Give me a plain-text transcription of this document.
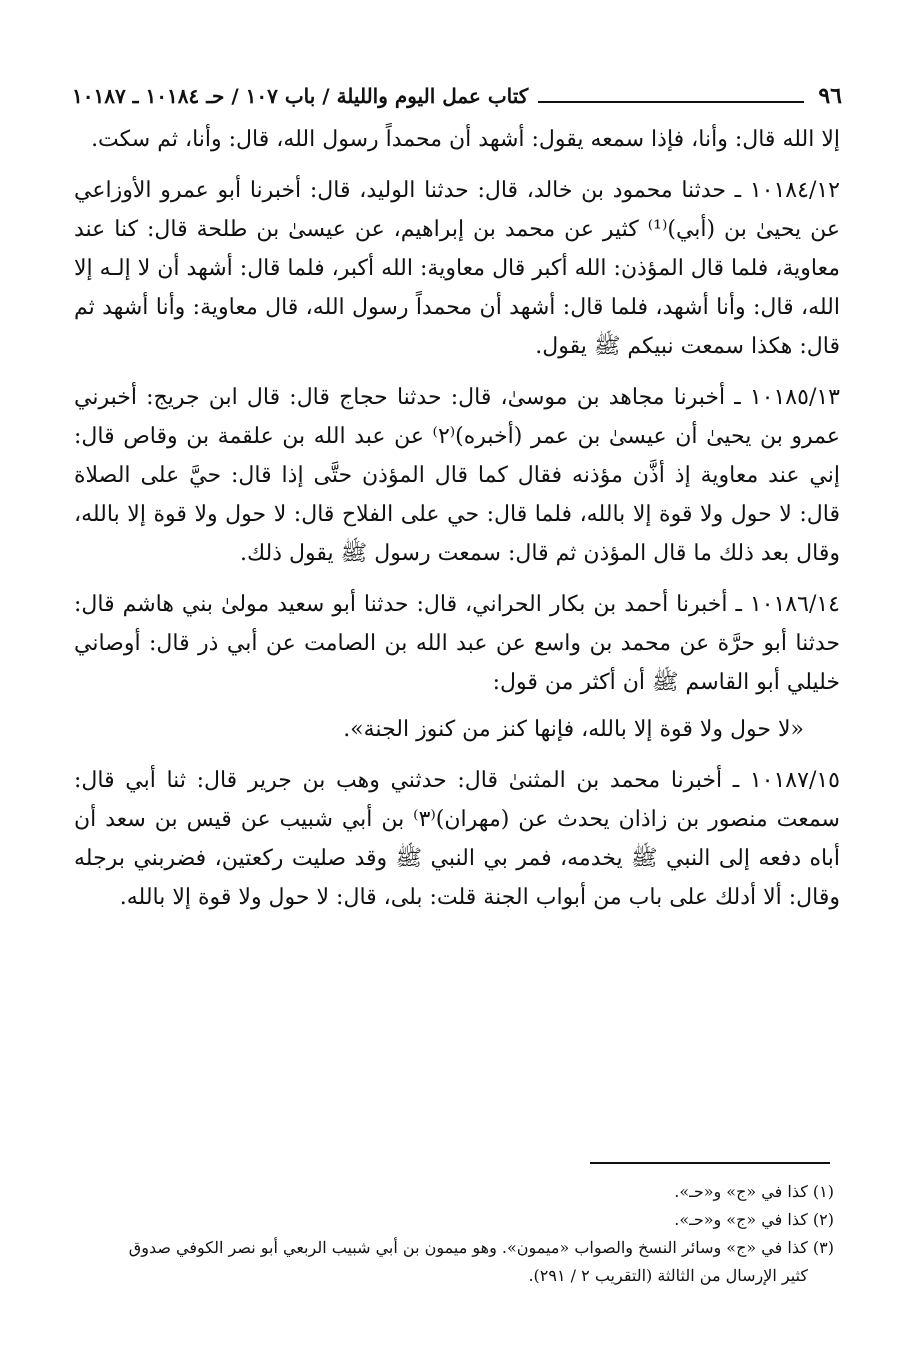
٩٦
كتاب عمل اليوم والليلة / باب ١٠٧ / حـ ١٠١٨٤ ـ ١٠١٨٧

إلا الله قال: وأنا، فإذا سمعه يقول: أشهد أن محمداً رسول الله، قال: وأنا، ثم سكت.

١٠١٨٤/١٢ ـ حدثنا محمود بن خالد، قال: حدثنا الوليد، قال: أخبرنا أبو عمرو الأوزاعي عن يحيىٰ بن (أبي)⁽¹⁾ كثير عن محمد بن إبراهيم، عن عيسىٰ بن طلحة قال: كنا عند معاوية، فلما قال المؤذن: الله أكبر قال معاوية: الله أكبر، فلما قال: أشهد أن لا إلـه إلا الله، قال: وأنا أشهد، فلما قال: أشهد أن محمداً رسول الله، قال معاوية: وأنا أشهد ثم قال: هكذا سمعت نبيكم ﷺ يقول.

١٠١٨٥/١٣ ـ أخبرنا مجاهد بن موسىٰ، قال: حدثنا حجاج قال: قال ابن جريج: أخبرني عمرو بن يحيىٰ أن عيسىٰ بن عمر (أخبره)⁽٢⁾ عن عبد الله بن علقمة بن وقاص قال: إني عند معاوية إذ أذَّن مؤذنه فقال كما قال المؤذن حتَّى إذا قال: حيَّ على الصلاة قال: لا حول ولا قوة إلا بالله، فلما قال: حي على الفلاح قال: لا حول ولا قوة إلا بالله، وقال بعد ذلك ما قال المؤذن ثم قال: سمعت رسول ﷺ يقول ذلك.

١٠١٨٦/١٤ ـ أخبرنا أحمد بن بكار الحراني، قال: حدثنا أبو سعيد مولىٰ بني هاشم قال: حدثنا أبو حرَّة عن محمد بن واسع عن عبد الله بن الصامت عن أبي ذر قال: أوصاني خليلي أبو القاسم ﷺ أن أكثر من قول:

«لا حول ولا قوة إلا بالله، فإنها كنز من كنوز الجنة».

١٠١٨٧/١٥ ـ أخبرنا محمد بن المثنىٰ قال: حدثني وهب بن جرير قال: ثنا أبي قال: سمعت منصور بن زاذان يحدث عن (مهران)⁽٣⁾ بن أبي شبيب عن قيس بن سعد أن أباه دفعه إلى النبي ﷺ يخدمه، فمر بي النبي ﷺ وقد صليت ركعتين، فضربني برجله وقال: ألا أدلك على باب من أبواب الجنة قلت: بلى، قال: لا حول ولا قوة إلا بالله.

(١) كذا في «ج» و«حـ».

(٢) كذا في «ج» و«حـ».

(٣) كذا في «ج» وسائر النسخ والصواب «ميمون». وهو ميمون بن أبي شبيب الربعي أبو نصر الكوفي صدوق
كثير الإرسال من الثالثة (التقريب ٢ / ٢٩١).
